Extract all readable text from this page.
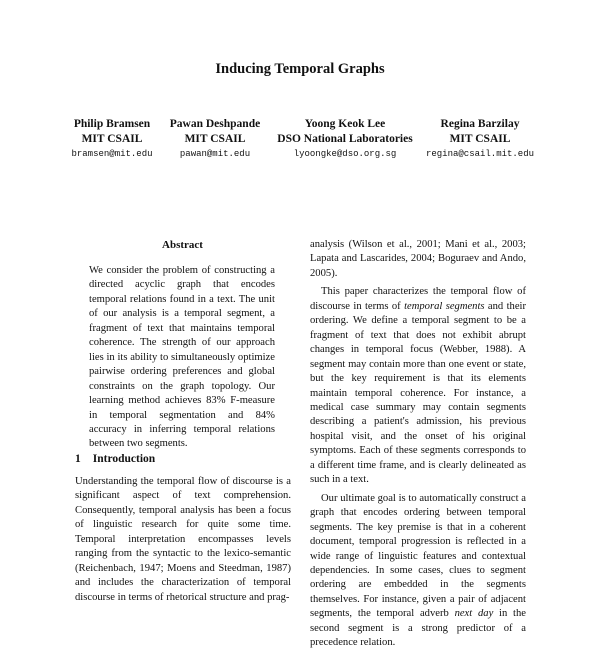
Inducing Temporal Graphs
Philip Bramsen
MIT CSAIL
bramsen@mit.edu
Pawan Deshpande
MIT CSAIL
pawan@mit.edu
Yoong Keok Lee
DSO National Laboratories
lyoongke@dso.org.sg
Regina Barzilay
MIT CSAIL
regina@csail.mit.edu
Abstract
We consider the problem of constructing a directed acyclic graph that encodes temporal relations found in a text. The unit of our analysis is a temporal segment, a fragment of text that maintains temporal coherence. The strength of our approach lies in its ability to simultaneously optimize pairwise ordering preferences and global constraints on the graph topology. Our learning method achieves 83% F-measure in temporal segmentation and 84% accuracy in inferring temporal relations between two segments.
1 Introduction

Understanding the temporal flow of discourse is a significant aspect of text comprehension. Consequently, temporal analysis has been a focus of linguistic research for quite some time. Temporal interpretation encompasses levels ranging from the syntactic to the lexico-semantic (Reichenbach, 1947; Moens and Steedman, 1987) and includes the characterization of temporal discourse in terms of rhetorical structure and prag-

analysis (Wilson et al., 2001; Mani et al., 2003; Lapata and Lascarides, 2004; Boguraev and Ando, 2005).

This paper characterizes the temporal flow of discourse in terms of temporal segments and their ordering. We define a temporal segment to be a fragment of text that does not exhibit abrupt changes in temporal focus (Webber, 1988). A segment may contain more than one event or state, but the key requirement is that its elements maintain temporal coherence. For instance, a medical case summary may contain segments describing a patient's admission, his previous hospital visit, and the onset of his original symptoms. Each of these segments corresponds to a different time frame, and is clearly delineated as such in a text.

Our ultimate goal is to automatically construct a graph that encodes ordering between temporal segments. The key premise is that in a coherent document, temporal progression is reflected in a wide range of linguistic features and contextual dependencies. In some cases, clues to segment ordering are embedded in the segments themselves. For instance, given a pair of adjacent segments, the temporal adverb next day in the second segment is a strong predictor of a precedence relation.
